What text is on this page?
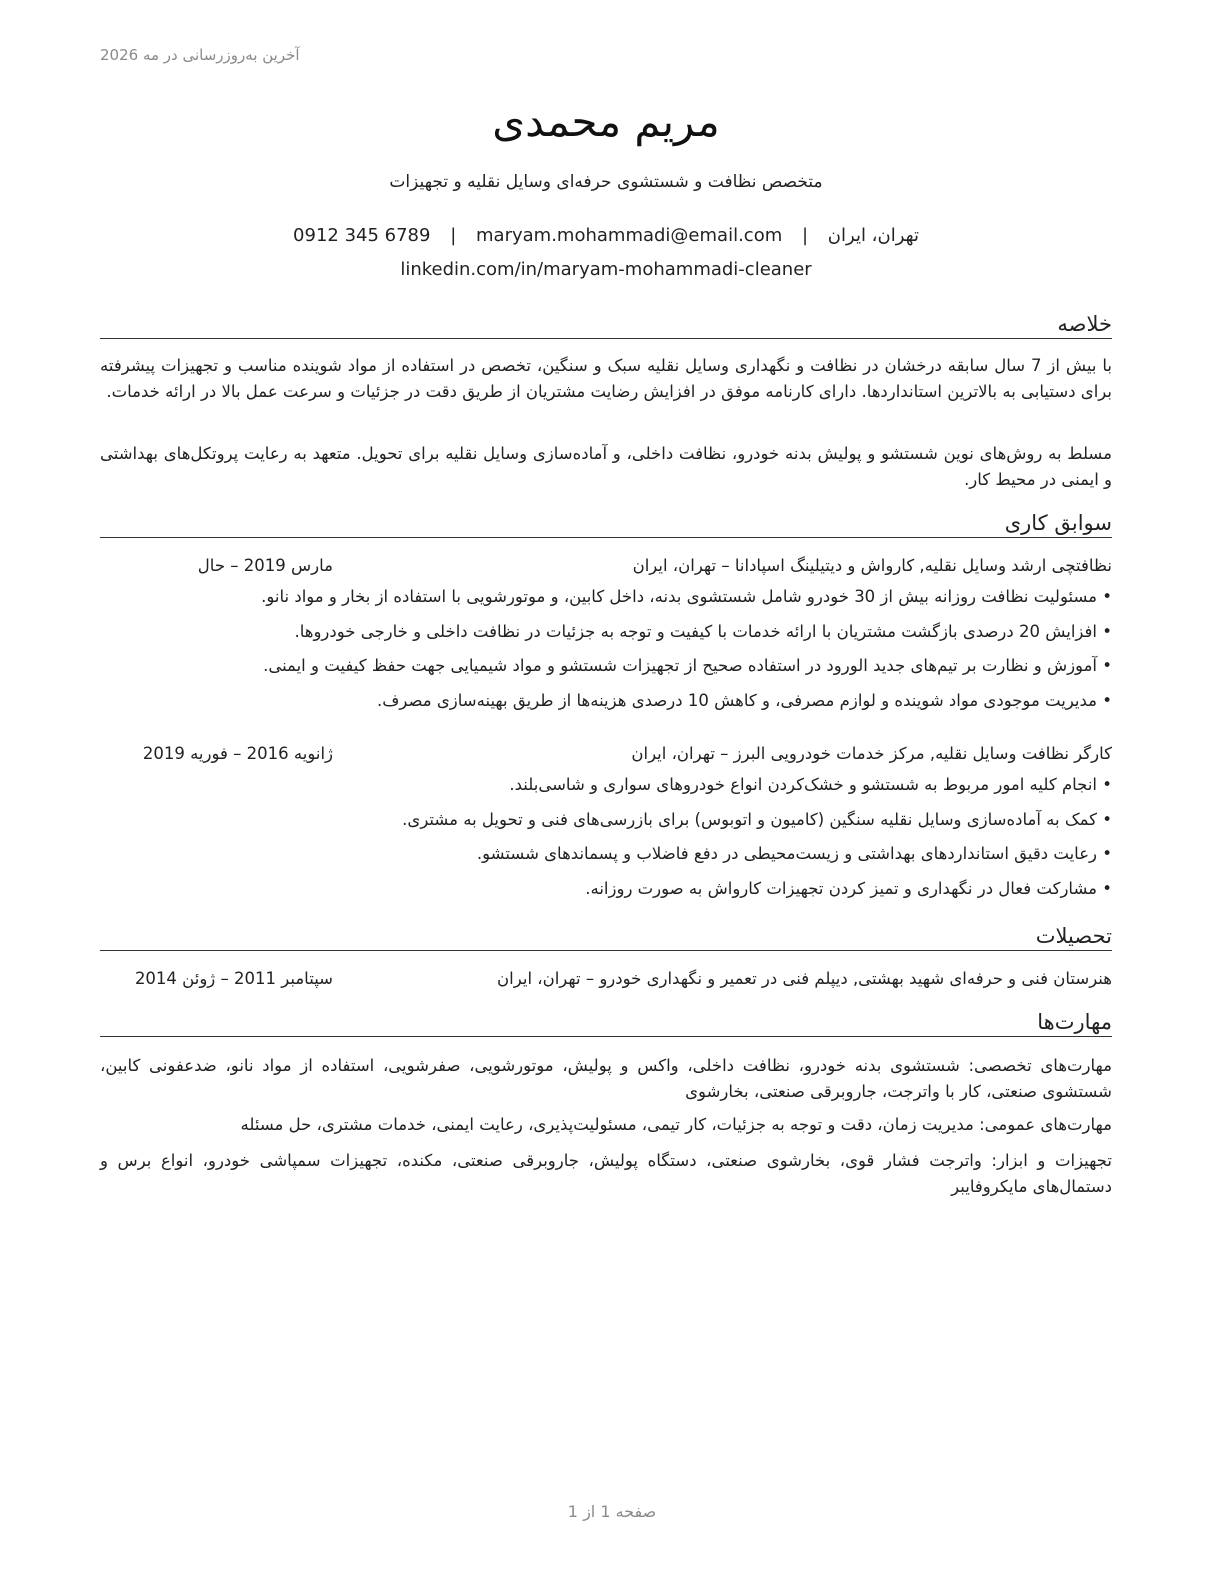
آخرین به‌روزرسانی در مه 2026
مریم محمدی
متخصص نظافت و شستشوی حرفه‌ای وسایل نقلیه و تجهیزات
تهران، ایران | maryam.mohammadi@email.com | 0912 345 6789
linkedin.com/in/maryam-mohammadi-cleaner
خلاصه
با بیش از 7 سال سابقه درخشان در نظافت و نگهداری وسایل نقلیه سبک و سنگین، تخصص در استفاده از مواد شوینده مناسب و تجهیزات پیشرفته برای دستیابی به بالاترین استانداردها. دارای کارنامه موفق در افزایش رضایت مشتریان از طریق دقت در جزئیات و سرعت عمل بالا در ارائه خدمات.
مسلط به روش‌های نوین شستشو و پولیش بدنه خودرو، نظافت داخلی، و آماده‌سازی وسایل نقلیه برای تحویل. متعهد به رعایت پروتکل‌های بهداشتی و ایمنی در محیط کار.
سوابق کاری
نظافتچی ارشد وسایل نقلیه, کارواش و دیتیلینگ اسپادانا – تهران، ایران
مارس 2019 – حال
• مسئولیت نظافت روزانه بیش از 30 خودرو شامل شستشوی بدنه، داخل کابین، و موتورشویی با استفاده از بخار و مواد نانو.
• افزایش 20 درصدی بازگشت مشتریان با ارائه خدمات با کیفیت و توجه به جزئیات در نظافت داخلی و خارجی خودروها.
• آموزش و نظارت بر تیم‌های جدید الورود در استفاده صحیح از تجهیزات شستشو و مواد شیمیایی جهت حفظ کیفیت و ایمنی.
• مدیریت موجودی مواد شوینده و لوازم مصرفی، و کاهش 10 درصدی هزینه‌ها از طریق بهینه‌سازی مصرف.
کارگر نظافت وسایل نقلیه, مرکز خدمات خودرویی البرز – تهران، ایران
ژانویه 2016 – فوریه 2019
• انجام کلیه امور مربوط به شستشو و خشک‌کردن انواع خودروهای سواری و شاسی‌بلند.
• کمک به آماده‌سازی وسایل نقلیه سنگین (کامیون و اتوبوس) برای بازرسی‌های فنی و تحویل به مشتری.
• رعایت دقیق استانداردهای بهداشتی و زیست‌محیطی در دفع فاضلاب و پسماندهای شستشو.
• مشارکت فعال در نگهداری و تمیز کردن تجهیزات کارواش به صورت روزانه.
تحصیلات
هنرستان فنی و حرفه‌ای شهید بهشتی, دیپلم فنی در تعمیر و نگهداری خودرو – تهران، ایران
سپتامبر 2011 – ژوئن 2014
مهارت‌ها
مهارت‌های تخصصی: شستشوی بدنه خودرو، نظافت داخلی، واکس و پولیش، موتورشویی، صفرشویی، استفاده از مواد نانو، ضدعفونی کابین، شستشوی صنعتی، کار با واترجت، جاروبرقی صنعتی، بخارشوی
مهارت‌های عمومی: مدیریت زمان، دقت و توجه به جزئیات، کار تیمی، مسئولیت‌پذیری، رعایت ایمنی، خدمات مشتری، حل مسئله
تجهیزات و ابزار: واترجت فشار قوی، بخارشوی صنعتی، دستگاه پولیش، جاروبرقی صنعتی، مکنده، تجهیزات سمپاشی خودرو، انواع برس و دستمال‌های مایکروفایبر
صفحه 1 از 1
